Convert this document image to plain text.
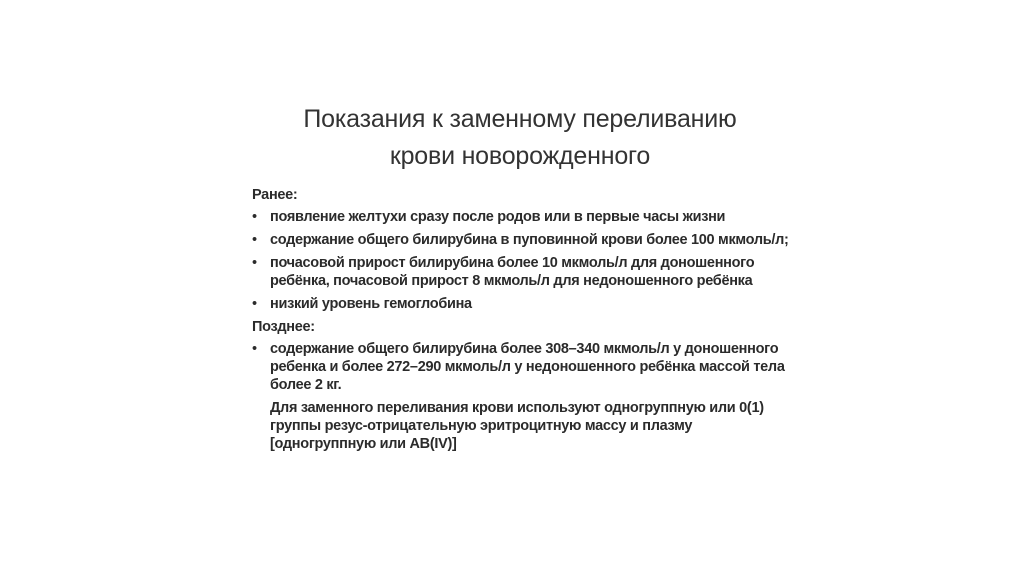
Показания к заменному переливанию
крови новорожденного
Ранее:
• появление желтухи сразу после родов или в первые часы жизни
• содержание общего билирубина в пуповинной крови более 100 мкмоль/л;
• почасовой прирост билирубина более 10 мкмоль/л для доношенного ребёнка, почасовой прирост 8 мкмоль/л для недоношенного ребёнка
• низкий уровень гемоглобина
Позднее:
• содержание общего билирубина более 308–340 мкмоль/л у доношенного ребенка и более 272–290 мкмоль/л у недоношенного ребёнка массой тела более 2 кг.
Для заменного переливания крови используют одногруппную или 0(1) группы резус-отрицательную эритроцитную массу и плазму [одногруппную или АВ(IV)]
